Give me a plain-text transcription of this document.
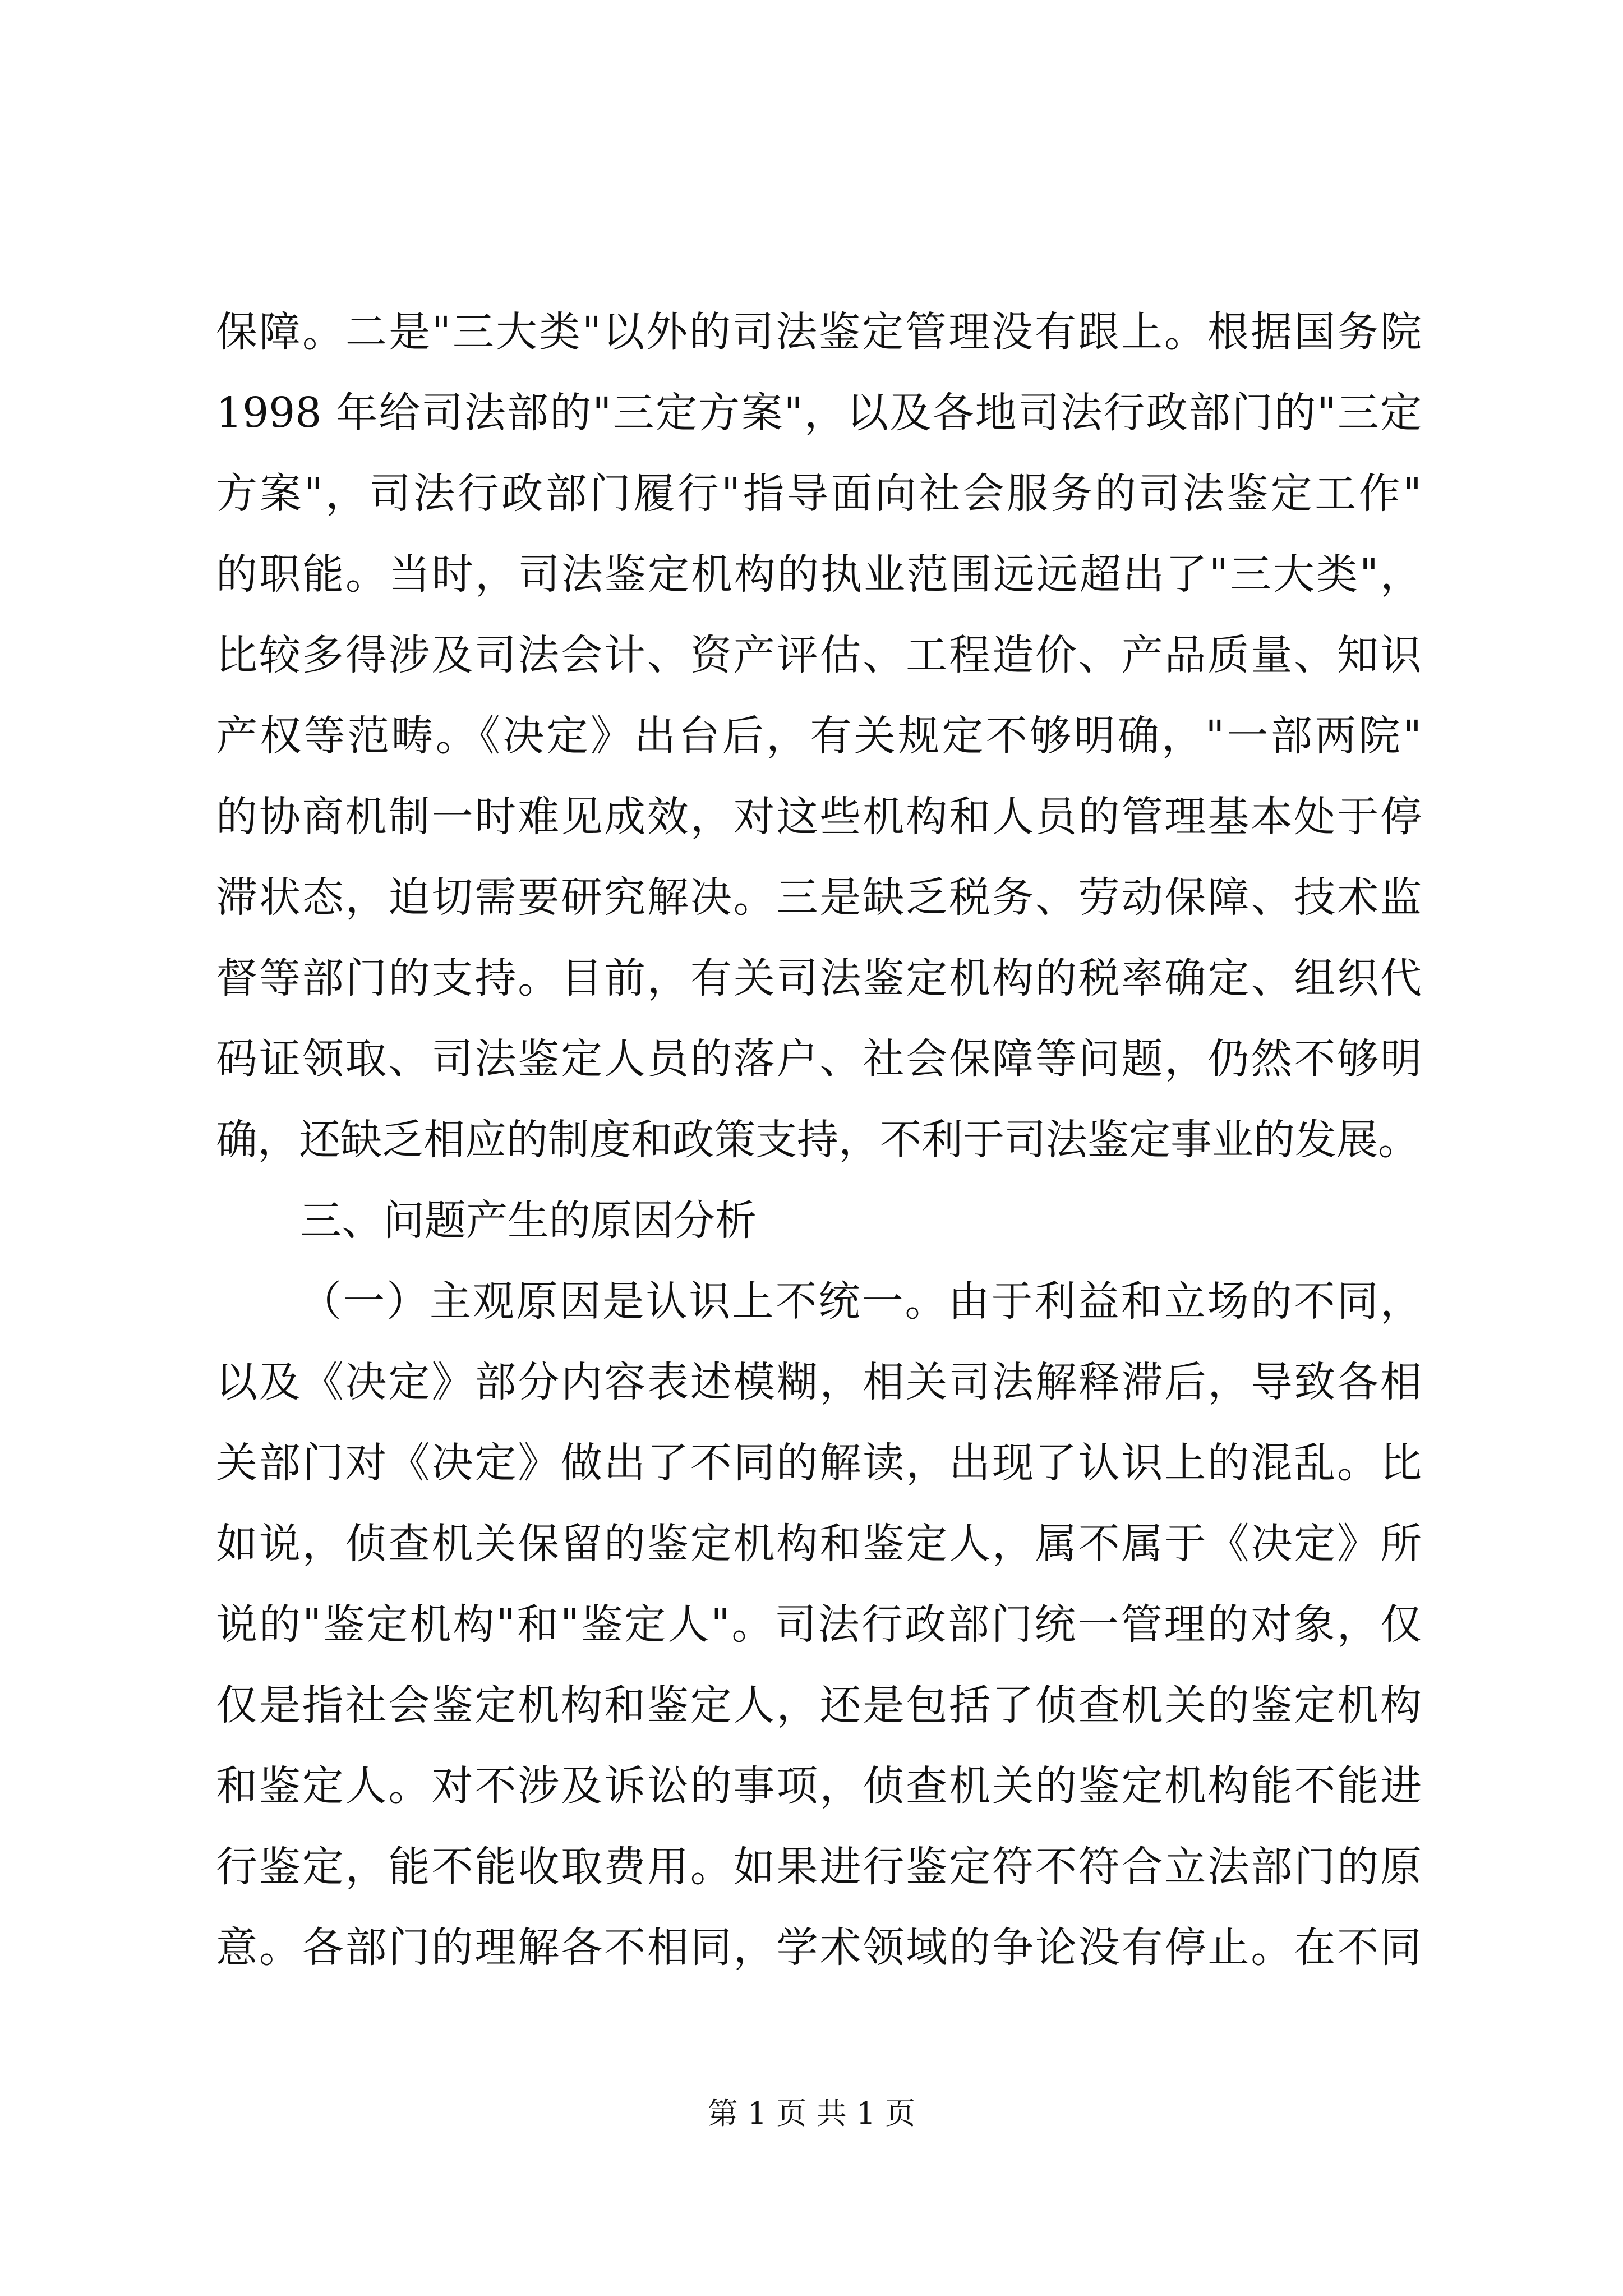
保障。二是"三大类"以外的司法鉴定管理没有跟上。根据国务院
1998 年给司法部的"三定方案"，以及各地司法行政部门的"三定
方案"，司法行政部门履行"指导面向社会服务的司法鉴定工作"
的职能。当时，司法鉴定机构的执业范围远远超出了"三大类"，
比较多得涉及司法会计、资产评估、工程造价、产品质量、知识
产权等范畴。《决定》出台后，有关规定不够明确，"一部两院"
的协商机制一时难见成效，对这些机构和人员的管理基本处于停
滞状态，迫切需要研究解决。三是缺乏税务、劳动保障、技术监
督等部门的支持。目前，有关司法鉴定机构的税率确定、组织代
码证领取、司法鉴定人员的落户、社会保障等问题，仍然不够明
确，还缺乏相应的制度和政策支持，不利于司法鉴定事业的发展。
三、问题产生的原因分析
（一）主观原因是认识上不统一。由于利益和立场的不同，
以及《决定》部分内容表述模糊，相关司法解释滞后，导致各相
关部门对《决定》做出了不同的解读，出现了认识上的混乱。比
如说，侦查机关保留的鉴定机构和鉴定人，属不属于《决定》所
说的"鉴定机构"和"鉴定人"。司法行政部门统一管理的对象，仅
仅是指社会鉴定机构和鉴定人，还是包括了侦查机关的鉴定机构
和鉴定人。对不涉及诉讼的事项，侦查机关的鉴定机构能不能进
行鉴定，能不能收取费用。如果进行鉴定符不符合立法部门的原
意。各部门的理解各不相同，学术领域的争论没有停止。在不同
第 1 页 共 1 页
